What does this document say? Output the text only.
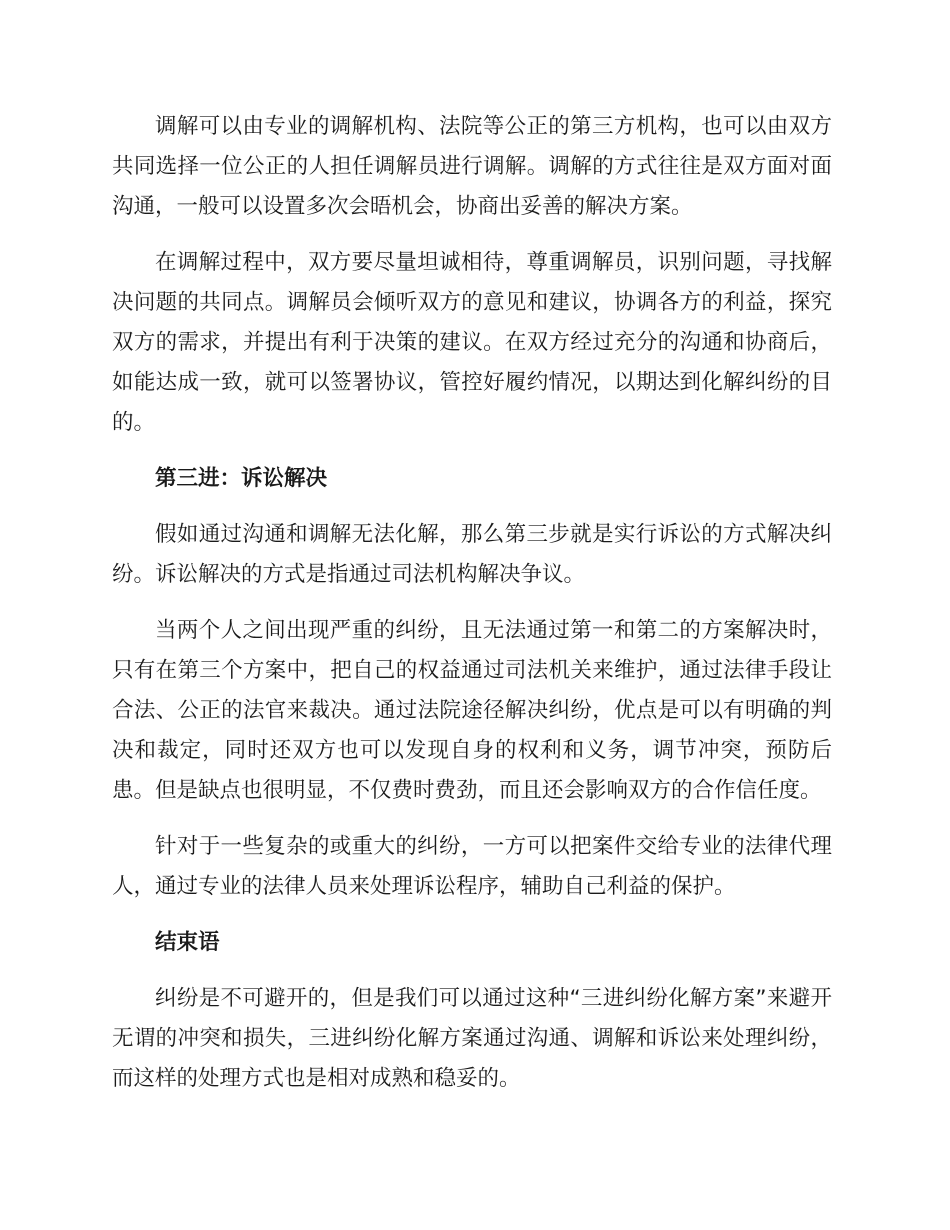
调解可以由专业的调解机构、法院等公正的第三方机构，也可以由双方共同选择一位公正的人担任调解员进行调解。调解的方式往往是双方面对面沟通，一般可以设置多次会晤机会，协商出妥善的解决方案。

在调解过程中，双方要尽量坦诚相待，尊重调解员，识别问题，寻找解决问题的共同点。调解员会倾听双方的意见和建议，协调各方的利益，探究双方的需求，并提出有利于决策的建议。在双方经过充分的沟通和协商后，如能达成一致，就可以签署协议，管控好履约情况，以期达到化解纠纷的目的。

第三进：诉讼解决

假如通过沟通和调解无法化解，那么第三步就是实行诉讼的方式解决纠纷。诉讼解决的方式是指通过司法机构解决争议。

当两个人之间出现严重的纠纷，且无法通过第一和第二的方案解决时，只有在第三个方案中，把自己的权益通过司法机关来维护，通过法律手段让合法、公正的法官来裁决。通过法院途径解决纠纷，优点是可以有明确的判决和裁定，同时还双方也可以发现自身的权利和义务，调节冲突，预防后患。但是缺点也很明显，不仅费时费劲，而且还会影响双方的合作信任度。

针对于一些复杂的或重大的纠纷，一方可以把案件交给专业的法律代理人，通过专业的法律人员来处理诉讼程序，辅助自己利益的保护。

结束语

纠纷是不可避开的，但是我们可以通过这种“三进纠纷化解方案”来避开无谓的冲突和损失，三进纠纷化解方案通过沟通、调解和诉讼来处理纠纷，而这样的处理方式也是相对成熟和稳妥的。
